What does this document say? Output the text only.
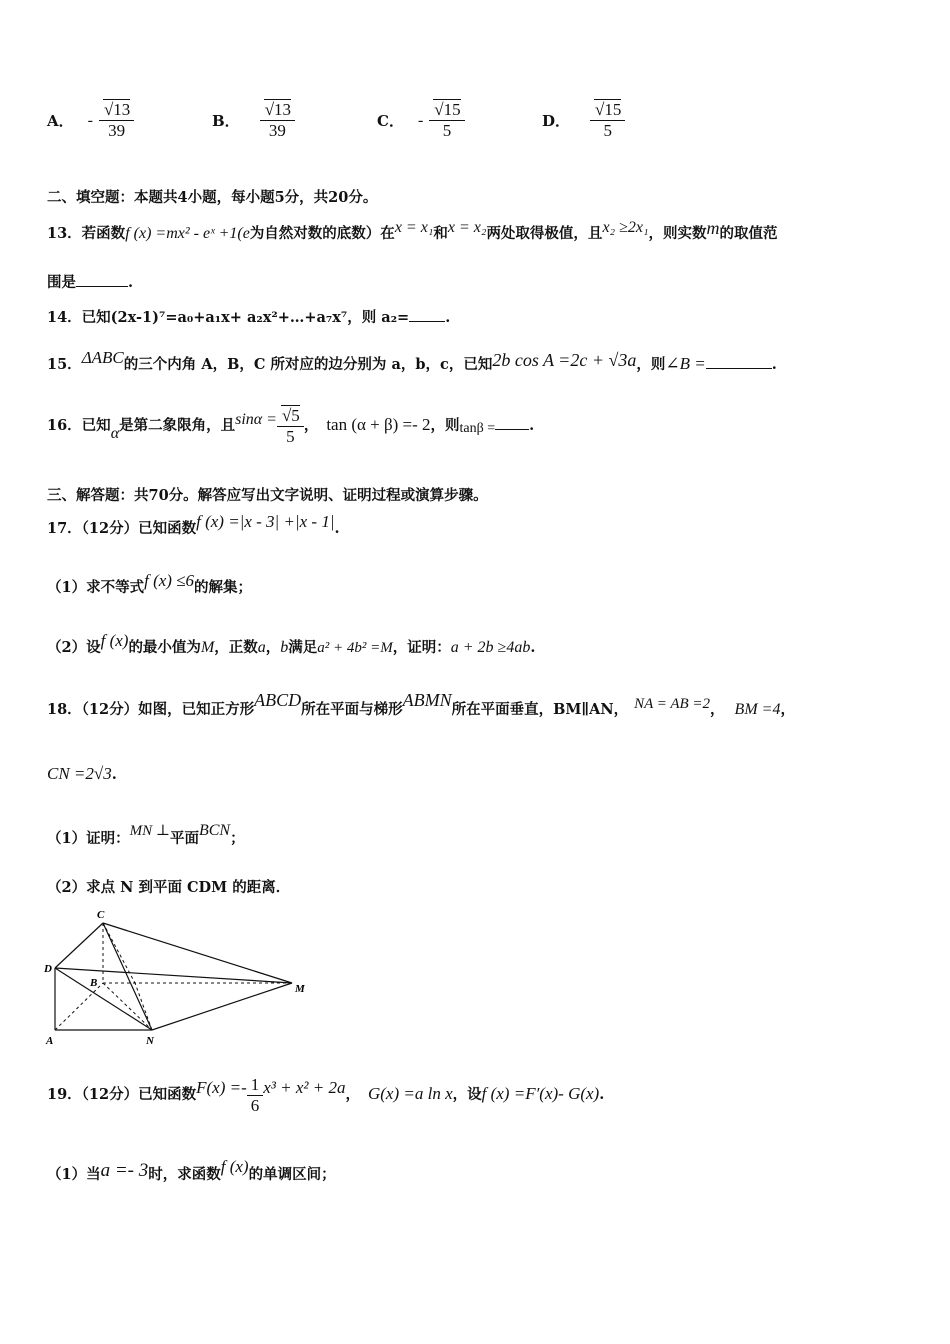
A． - $\frac{√13}{39}$	B． $\frac{√13}{39}$	C． - $\frac{√15}{5}$	D． $\frac{√15}{5}$
二、填空题：本题共4小题，每小题5分，共20分。
13．若函数f (x) =mx² - eˣ +1(e为自然对数的底数）在x = x₁和x = x₂两处取得极值，且x₂ ≥2x₁，则实数m的取值范
围是	.
14．已知(2x-1)⁷=a₀+a₁x+ a₂x²+…+a₇x⁷，则 a₂= .
15．ΔABC的三个内角 A，B，C 所对应的边分别为 a，b，c，已知2b cos A =2c + √3a，则∠B =	.
16．已知α是第二象限角，且$\sin\alpha = \frac{√5}{5}$ ， tan (α + β) =- 2，则tanβ = .
三、解答题：共70分。解答应写出文字说明、证明过程或演算步骤。
17．（12分）已知函数f (x) =|x - 3| +|x - 1|.
（1）求不等式f (x) ≤6的解集；
（2）设f (x)的最小值为M，正数a，b满足a² + 4b² =M，证明：a + 2b ≥4ab.
18．（12分）如图，已知正方形ABCD所在平面与梯形ABMN所在平面垂直，BM∥AN， NA = AB =2， BM =4，
CN =2√3.
（1）证明：MN ⊥平面BCN；
（2）求点 N 到平面 CDM 的距离．
C
D
B	M
A	N
19．（12分）已知函数$F(x) =- \frac{1}{6} x^3 + x^2 + 2a$， G(x) =a ln x，设f (x) =F′(x)- G(x).
（1）当a =- 3时，求函数f (x)的单调区间；
